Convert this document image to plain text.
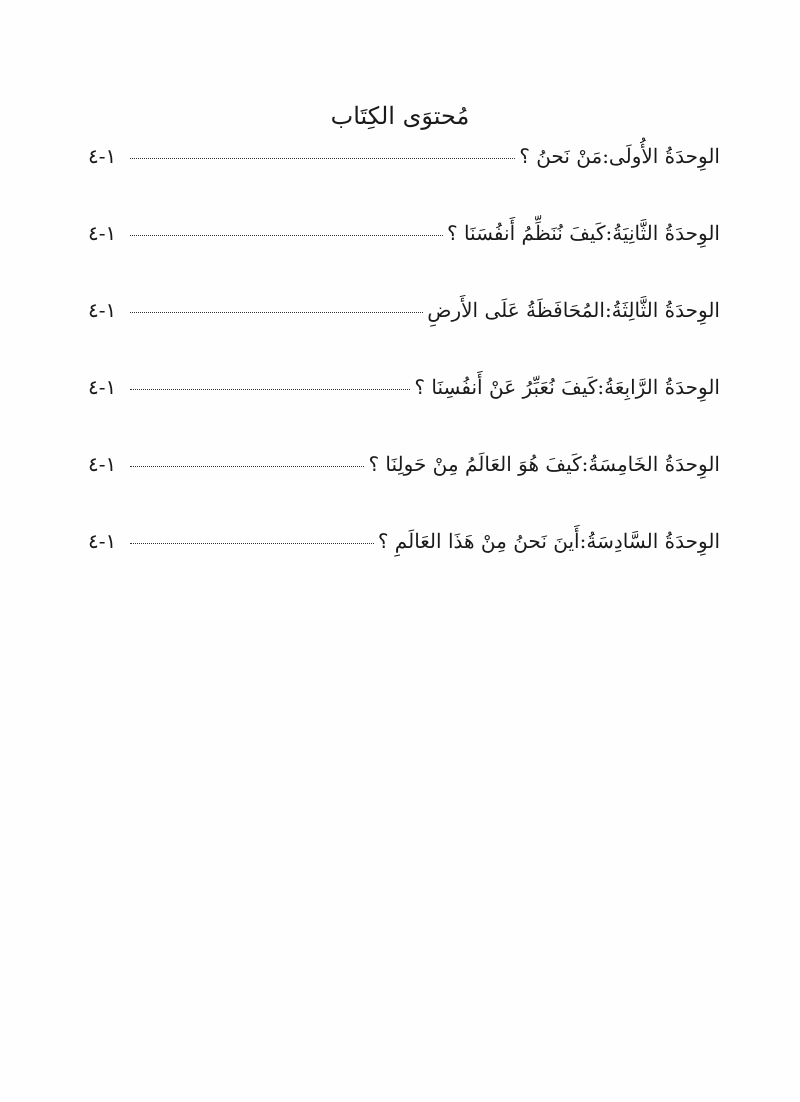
مُحتوَى الكِتَاب
الوِحدَةُ الأُولَى:
مَنْ نَحنُ ؟
١-٤
الوِحدَةُ الثَّانِيَةُ:
كَيفَ نُنَظِّمُ أَنفُسَنَا ؟
١-٤
الوِحدَةُ الثَّالِثَةُ:
المُحَافَظَةُ عَلَى الأَرضِ
١-٤
الوِحدَةُ الرَّابِعَةُ:
كَيفَ نُعَبِّرُ عَنْ أَنفُسِنَا ؟
١-٤
الوِحدَةُ الخَامِسَةُ:
كَيفَ هُوَ العَالَمُ مِنْ حَولِنَا ؟
١-٤
الوِحدَةُ السَّادِسَةُ:
أَينَ نَحنُ مِنْ هَذَا العَالَمِ ؟
١-٤
